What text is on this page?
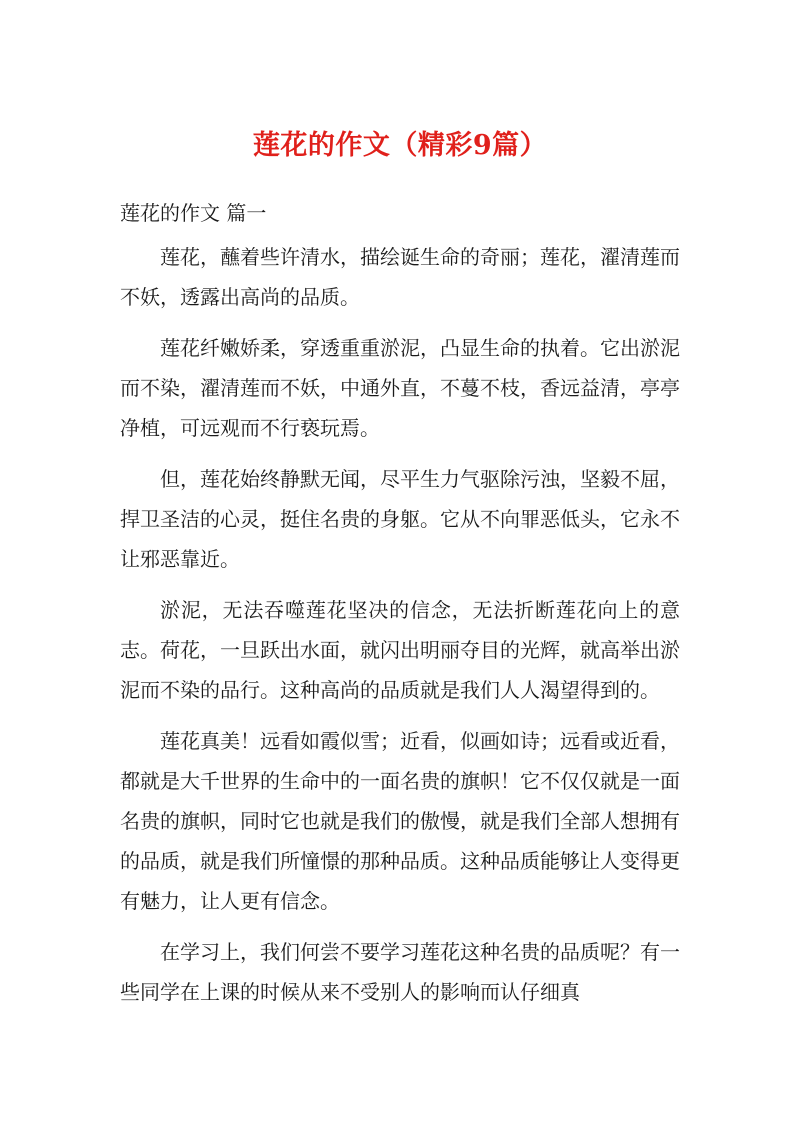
莲花的作文（精彩9篇）
莲花的作文 篇一

莲花，蘸着些许清水，描绘诞生命的奇丽；莲花，濯清莲而不妖，透露出高尚的品质。

莲花纤嫩娇柔，穿透重重淤泥，凸显生命的执着。它出淤泥而不染，濯清莲而不妖，中通外直，不蔓不枝，香远益清，亭亭净植，可远观而不行亵玩焉。

但，莲花始终静默无闻，尽平生力气驱除污浊，坚毅不屈，捍卫圣洁的心灵，挺住名贵的身躯。它从不向罪恶低头，它永不让邪恶靠近。

淤泥，无法吞噬莲花坚决的信念，无法折断莲花向上的意志。荷花，一旦跃出水面，就闪出明丽夺目的光辉，就高举出淤泥而不染的品行。这种高尚的品质就是我们人人渴望得到的。

莲花真美！远看如霞似雪；近看，似画如诗；远看或近看，都就是大千世界的生命中的一面名贵的旗帜！它不仅仅就是一面名贵的旗帜，同时它也就是我们的傲慢，就是我们全部人想拥有的品质，就是我们所憧憬的那种品质。这种品质能够让人变得更有魅力，让人更有信念。

在学习上，我们何尝不要学习莲花这种名贵的品质呢？有一些同学在上课的时候从来不受别人的影响而认仔细真
